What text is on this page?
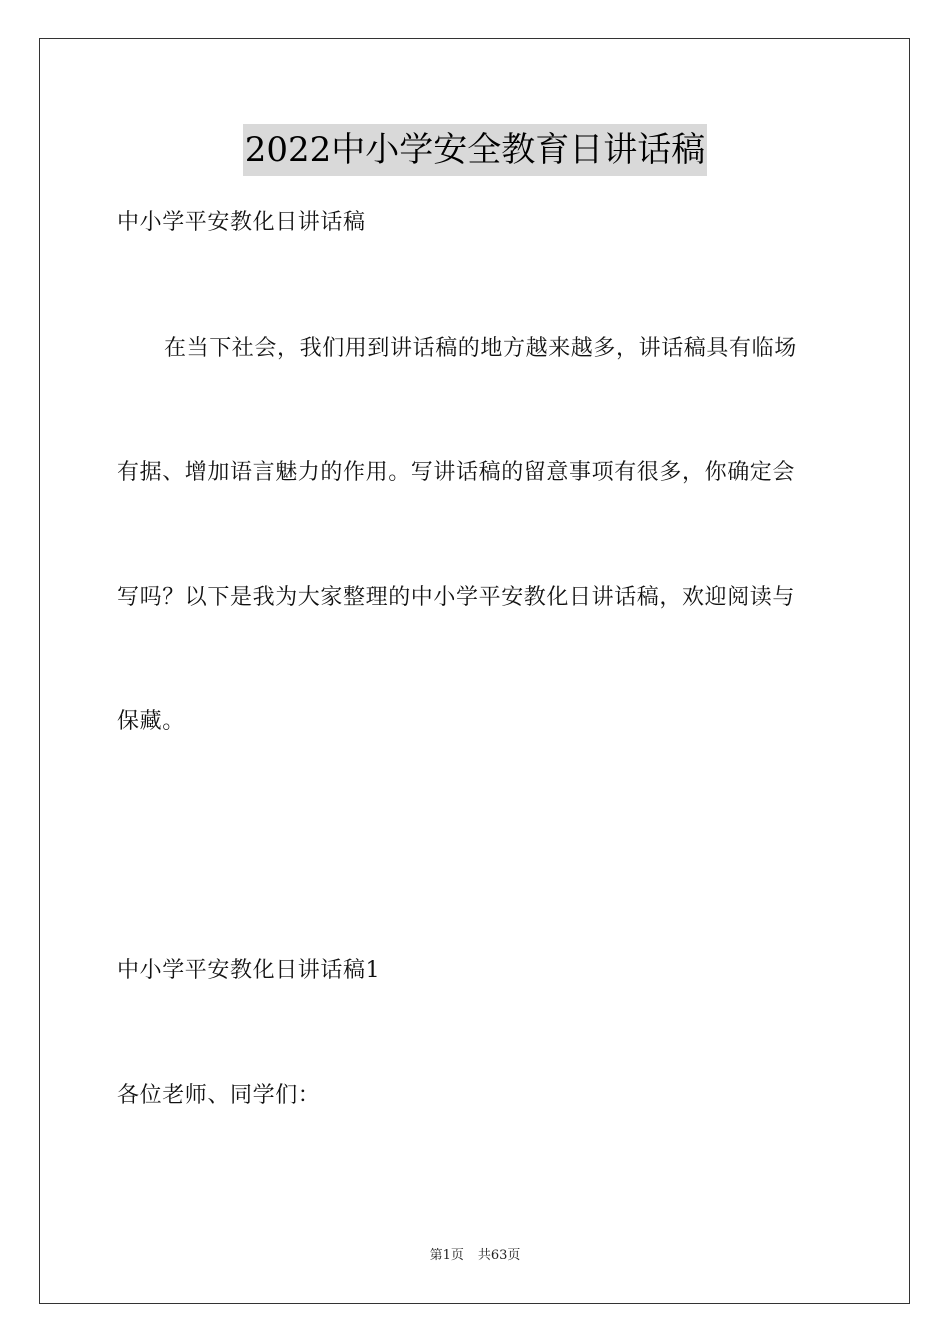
2022中小学安全教育日讲话稿
中小学平安教化日讲话稿
在当下社会，我们用到讲话稿的地方越来越多，讲话稿具有临场
有据、增加语言魅力的作用。写讲话稿的留意事项有很多，你确定会
写吗？以下是我为大家整理的中小学平安教化日讲话稿，欢迎阅读与
保藏。
中小学平安教化日讲话稿1
各位老师、同学们：
第1页 共63页
